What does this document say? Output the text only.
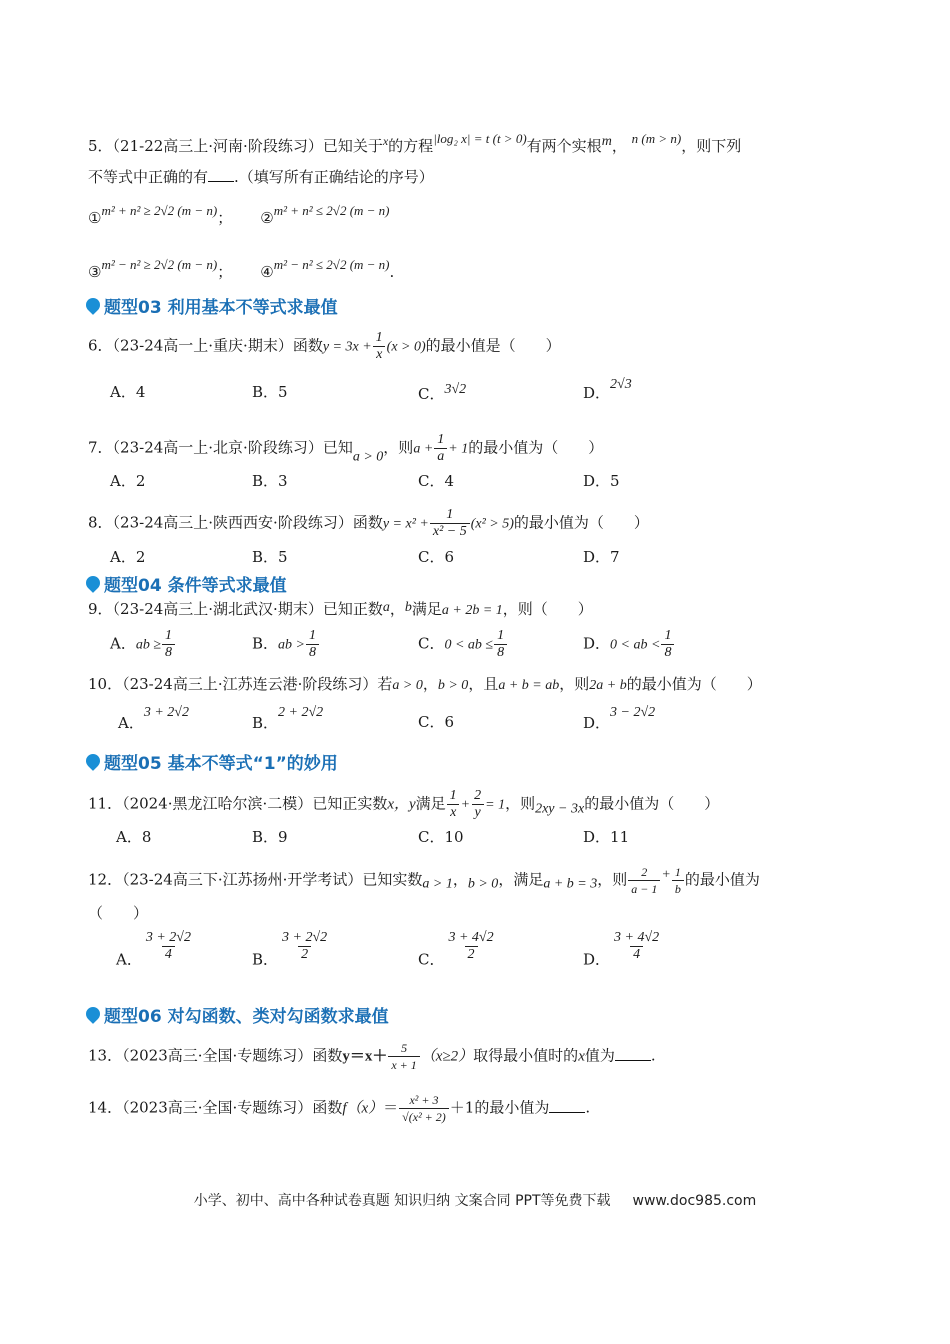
5．（21-22高三上·河南·阶段练习）已知关于$^x$的方程|log₂ x| = t (t > 0)有两个实根m， n (m > n)，则下列
不等式中正确的有 .（填写所有正确结论的序号）
①m² + n² ≥ 2√2 (m − n)； ②m² + n² ≤ 2√2 (m − n)
③m² − n² ≥ 2√2 (m − n)； ④m² − n² ≤ 2√2 (m − n).
题型03 利用基本不等式求最值
6．（23-24高一上·重庆·期末）函数$y = 3x + \frac{1}{x} (x > 0)$的最小值是（　　）
A．4	B．5	C．3√2	D．2√3
7．（23-24高一上·北京·阶段练习）已知a > 0，则$a + \frac{1}{a} + 1$的最小值为（　　）
A．2	B．3	C．4	D．5
8．（23-24高三上·陕西西安·阶段练习）函数$y = x^2 + \frac{1}{\text{x² − 5}} (x^2 > 5)$的最小值为（　　）
A．2	B．5	C．6	D．7
题型04 条件等式求最值
9．（23-24高三上·湖北武汉·期末）已知正数a，b满足a + 2b = 1，则（　　）
A．ab ≥ $\frac{1}{8}$	B．ab > $\frac{1}{8}$	C．0 < ab ≤ $\frac{1}{8}$	D．0 < ab < $\frac{1}{8}$
10．（23-24高三上·江苏连云港·阶段练习）若a > 0，b > 0，且a + b = ab，则2a + b的最小值为（　　）
A．3 + 2√2
B．2 + 2√2
C．6	D．3 − 2√2
题型05 基本不等式“1”的妙用
11．（2024·黑龙江哈尔滨·二模）已知正实数x，y满足 $\frac{1}{x} + \frac{2}{y} = 1$，则2xy − 3x的最小值为（　　）
A．8	B．9	C．10	D．11
12．（23-24高三下·江苏扬州·开学考试）已知实数a > 1，b > 0，满足a + b = 3，则 $\frac{2}{a - 1} + \frac{1}{b}$ 的最小值为
（　　）
A． $\frac{3 + 2√2}{4}$	B． $\frac{3 + 2√2}{2}$	C． $\frac{3 + 4√2}{2}$	D． $\frac{3 + 4√2}{4}$
题型06 对勾函数、类对勾函数求最值
13．（2023高三·全国·专题练习）函数$y=x+ \frac{5}{x + 1} (x\ge 2)$取得最小值时的x值为 .
14．（2023高三·全国·专题练习）函数$f(x)= \frac{\text{x² + 3}}{\text{√(x² + 2)}} +1$的最小值为 .
小学、初中、高中各种试卷真题 知识归纳 文案合同 PPT等免费下载 www.doc985.com
